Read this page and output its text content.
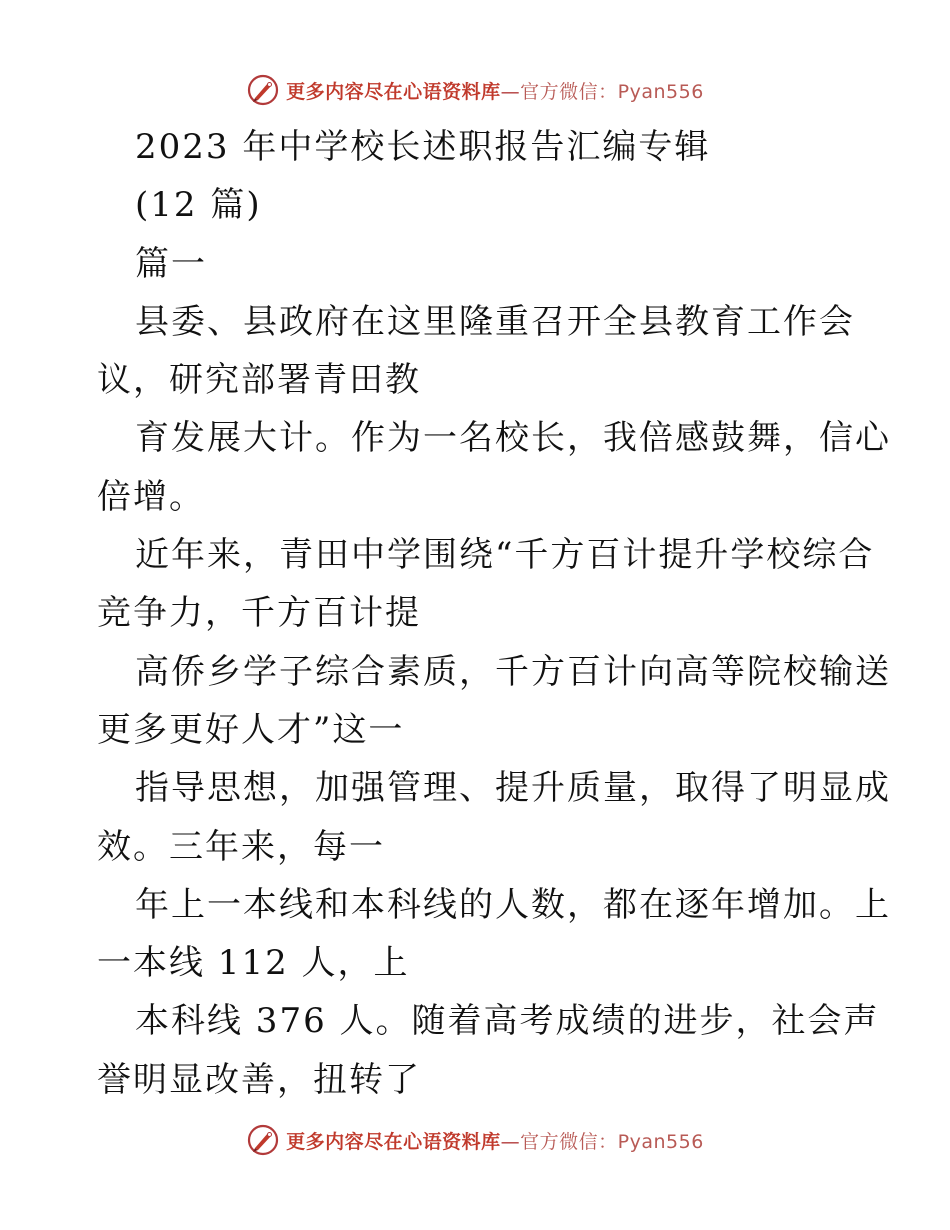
更多内容尽在心语资料库—官方微信：Pyan556
2023 年中学校长述职报告汇编专辑
(12 篇)
篇一
县委、县政府在这里隆重召开全县教育工作会
议，研究部署青田教
育发展大计。作为一名校长，我倍感鼓舞，信心
倍增。
近年来，青田中学围绕“千方百计提升学校综合
竞争力，千方百计提
高侨乡学子综合素质，千方百计向高等院校输送
更多更好人才”这一
指导思想，加强管理、提升质量，取得了明显成
效。三年来，每一
年上一本线和本科线的人数，都在逐年增加。上
一本线 112 人，上
本科线 376 人。随着高考成绩的进步，社会声
誉明显改善，扭转了
更多内容尽在心语资料库—官方微信：Pyan556
